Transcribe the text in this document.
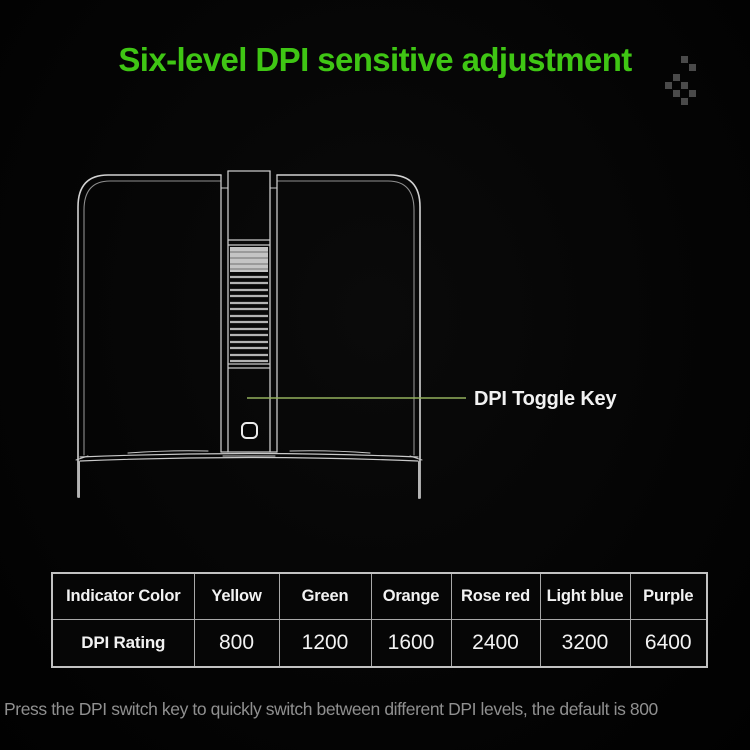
Six-level DPI sensitive adjustment
DPI Toggle Key
Indicator Color	Yellow	Green	Orange	Rose red	Light blue	Purple
DPI Rating	800	1200	1600	2400	3200	6400

Press the DPI switch key to quickly switch between different DPI levels, the default is 800
